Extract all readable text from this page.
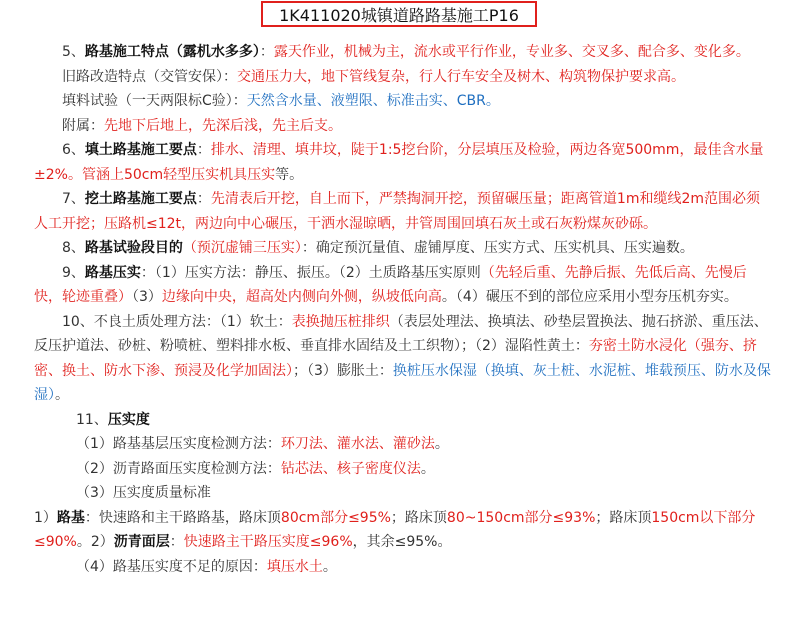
1K411020城镇道路路基施工P16

5、路基施工特点（露机水多多）：露天作业，机械为主，流水或平行作业，专业多、交叉多、配合多、变化多。

旧路改造特点（交管安保）：交通压力大，地下管线复杂，行人行车安全及树木、构筑物保护要求高。

填料试验（一天两限标C验）：天然含水量、液塑限、标准击实、CBR。

附属：先地下后地上，先深后浅，先主后支。

6、填土路基施工要点：排水、清理、填井坟，陡于1:5挖台阶，分层填压及检验，两边各宽500mm，最佳含水量±2%。管涵上50cm轻型压实机具压实等。

7、挖土路基施工要点：先清表后开挖，自上而下，严禁掏洞开挖，预留碾压量；距离管道1m和缆线2m范围必须人工开挖；压路机≤12t，两边向中心碾压，干洒水湿晾晒，井管周围回填石灰土或石灰粉煤灰砂砾。

8、路基试验段目的（预沉虚铺三压实）：确定预沉量值、虚铺厚度、压实方式、压实机具、压实遍数。

9、路基压实：（1）压实方法：静压、振压。（2）土质路基压实原则（先轻后重、先静后振、先低后高、先慢后快，轮迹重叠）（3）边缘向中央，超高处内侧向外侧，纵坡低向高。（4）碾压不到的部位应采用小型夯压机夯实。

10、不良土质处理方法：（1）软土：表换抛压桩排织（表层处理法、换填法、砂垫层置换法、抛石挤淤、重压法、反压护道法、砂桩、粉喷桩、塑料排水板、垂直排水固结及土工织物）；（2）湿陷性黄土：夯密土防水浸化（强夯、挤密、换土、防水下渗、预浸及化学加固法）；（3）膨胀土：换桩压水保湿（换填、灰土桩、水泥桩、堆载预压、防水及保湿）。

11、压实度

（1）路基基层压实度检测方法：环刀法、灌水法、灌砂法。

（2）沥青路面压实度检测方法：钻芯法、核子密度仪法。

（3）压实度质量标准

1）路基：快速路和主干路路基，路床顶80cm部分≤95%；路床顶80~150cm部分≤93%；路床顶150cm以下部分≤90%。2）沥青面层：快速路主干路压实度≤96%，其余≤95%。

（4）路基压实度不足的原因：填压水土。
